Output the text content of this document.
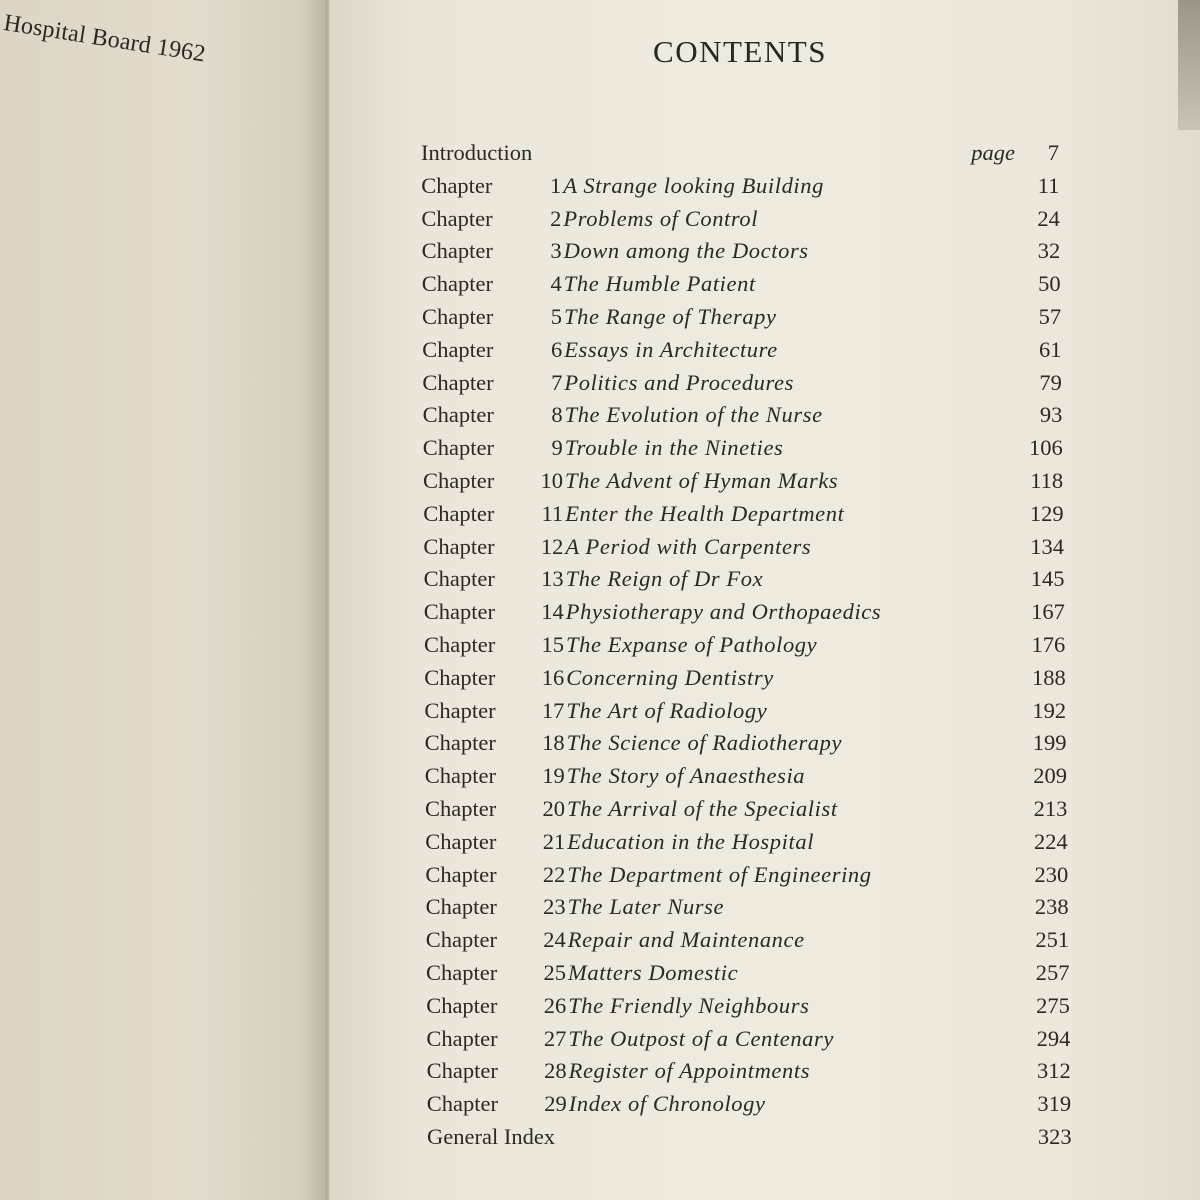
Hospital Board 1962	CONTENTS
Introduction	page 7
Chapter	1 A Strange looking Building	11
Chapter	2 Problems of Control	24
Chapter	3 Down among the Doctors	32
Chapter	4 The Humble Patient	50
Chapter	5 The Range of Therapy	57
Chapter	6 Essays in Architecture	61
Chapter	7 Politics and Procedures	79
Chapter	8 The Evolution of the Nurse	93
Chapter	9 Trouble in the Nineties	106
Chapter	10 The Advent of Hyman Marks	118
Chapter	11 Enter the Health Department	129
Chapter	12 A Period with Carpenters	134
Chapter	13 The Reign of Dr Fox	145
Chapter	14 Physiotherapy and Orthopaedics	167
Chapter	15 The Expanse of Pathology	176
Chapter	16 Concerning Dentistry	188
Chapter	17 The Art of Radiology	192
Chapter	18 The Science of Radiotherapy	199
Chapter	19 The Story of Anaesthesia	209
Chapter	20 The Arrival of the Specialist	213
Chapter	21 Education in the Hospital	224
Chapter	22 The Department of Engineering	230
Chapter	23 The Later Nurse	238
Chapter	24 Repair and Maintenance	251
Chapter	25 Matters Domestic	257
Chapter	26 The Friendly Neighbours	275
Chapter	27 The Outpost of a Centenary	294
Chapter	28 Register of Appointments	312
Chapter	29 Index of Chronology	319
General Index	323
